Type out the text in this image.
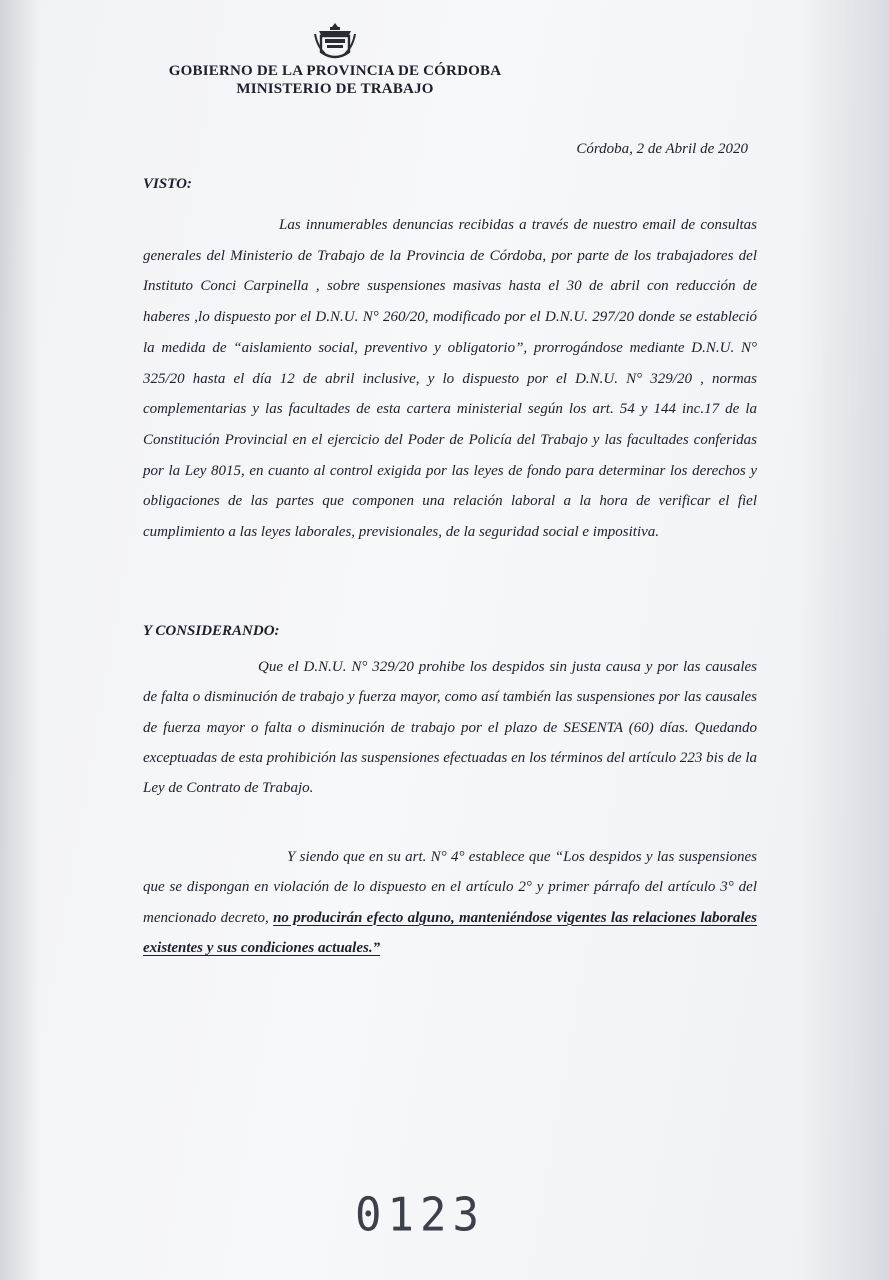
GOBIERNO DE LA PROVINCIA DE CÓRDOBA
MINISTERIO DE TRABAJO
Córdoba, 2 de Abril de 2020
VISTO:

Las innumerables denuncias recibidas a través de nuestro email de consultas generales del Ministerio de Trabajo de la Provincia de Córdoba, por parte de los trabajadores del Instituto Conci Carpinella , sobre suspensiones masivas hasta el 30 de abril con reducción de haberes ,lo dispuesto por el D.N.U. N° 260/20, modificado por el D.N.U. 297/20 donde se estableció la medida de “aislamiento social, preventivo y obligatorio”, prorrogándose mediante D.N.U. N° 325/20 hasta el día 12 de abril inclusive, y lo dispuesto por el D.N.U. N° 329/20 , normas complementarias y las facultades de esta cartera ministerial según los art. 54 y 144 inc.17 de la Constitución Provincial en el ejercicio del Poder de Policía del Trabajo y las facultades conferidas por la Ley 8015, en cuanto al control exigida por las leyes de fondo para determinar los derechos y obligaciones de las partes que componen una relación laboral a la hora de verificar el fiel cumplimiento a las leyes laborales, previsionales, de la seguridad social e impositiva.

Y CONSIDERANDO:

Que el D.N.U. N° 329/20 prohibe los despidos sin justa causa y por las causales de falta o disminución de trabajo y fuerza mayor, como así también las suspensiones por las causales de fuerza mayor o falta o disminución de trabajo por el plazo de SESENTA (60) días. Quedando exceptuadas de esta prohibición las suspensiones efectuadas en los términos del artículo 223 bis de la Ley de Contrato de Trabajo.

Y siendo que en su art. N° 4° establece que “Los despidos y las suspensiones que se dispongan en violación de lo dispuesto en el artículo 2° y primer párrafo del artículo 3° del mencionado decreto, no producirán efecto alguno, manteniéndose vigentes las relaciones laborales existentes y sus condiciones actuales.”

0123
